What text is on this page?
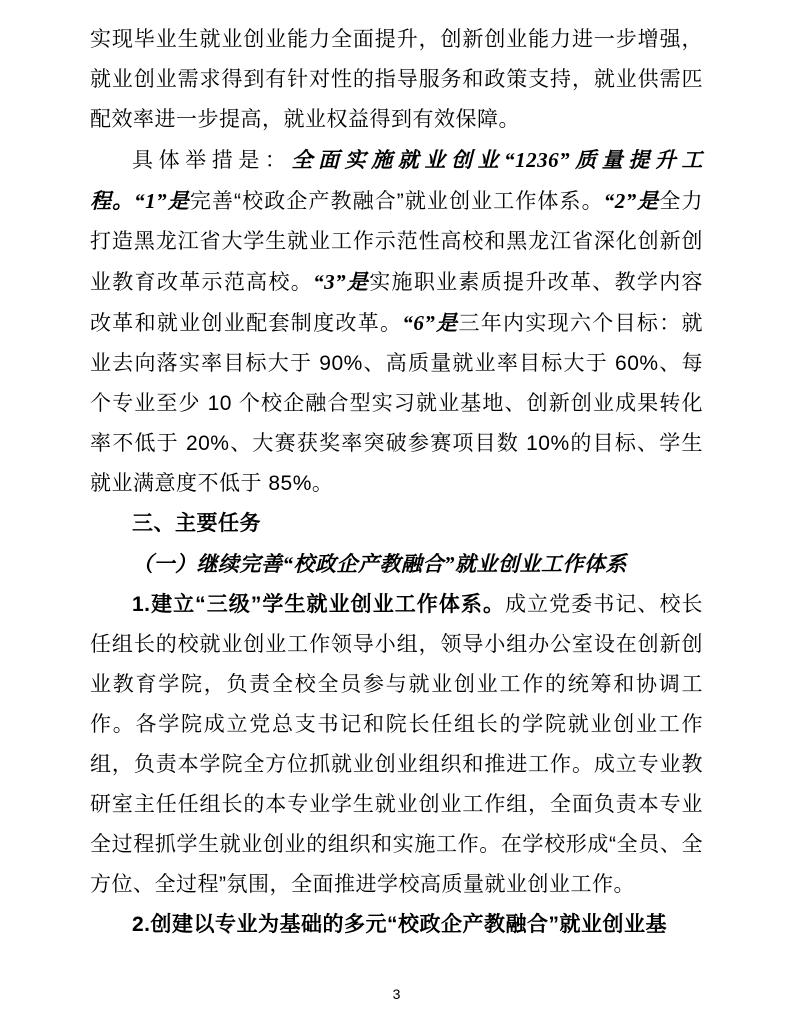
实现毕业生就业创业能力全面提升，创新创业能力进一步增强，就业创业需求得到有针对性的指导服务和政策支持，就业供需匹配效率进一步提高，就业权益得到有效保障。

具体举措是：全面实施就业创业“1236”质量提升工程。“1”是完善“校政企产教融合”就业创业工作体系。“2”是全力打造黑龙江省大学生就业工作示范性高校和黑龙江省深化创新创业教育改革示范高校。“3”是实施职业素质提升改革、教学内容改革和就业创业配套制度改革。“6”是三年内实现六个目标：就业去向落实率目标大于 90%、高质量就业率目标大于 60%、每个专业至少 10 个校企融合型实习就业基地、创新创业成果转化率不低于 20%、大赛获奖率突破参赛项目数 10%的目标、学生就业满意度不低于 85%。

三、主要任务

（一）继续完善“校政企产教融合”就业创业工作体系

1.建立“三级”学生就业创业工作体系。成立党委书记、校长任组长的校就业创业工作领导小组，领导小组办公室设在创新创业教育学院，负责全校全员参与就业创业工作的统筹和协调工作。各学院成立党总支书记和院长任组长的学院就业创业工作组，负责本学院全方位抓就业创业组织和推进工作。成立专业教研室主任任组长的本专业学生就业创业工作组，全面负责本专业全过程抓学生就业创业的组织和实施工作。在学校形成“全员、全方位、全过程”氛围，全面推进学校高质量就业创业工作。

2.创建以专业为基础的多元“校政企产教融合”就业创业基

3
